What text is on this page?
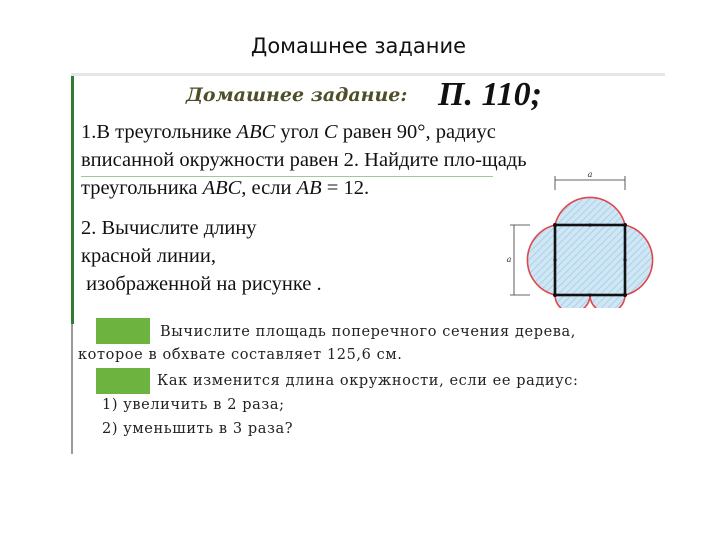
Домашнее задание
Домашнее задание: П. 110;
1.В треугольнике ABC угол C равен 90°, радиус вписанной окружности равен 2. Найдите пло-щадь треугольника ABC, если AB = 12.
2. Вычислите длину
красной линии,
изображенной на рисунке .
a
a
Вычислите площадь поперечного сечения дерева,
которое в обхвате составляет 125,6 см.
Как изменится длина окружности, если ее радиус:
1) увеличить в 2 раза;
2) уменьшить в 3 раза?
